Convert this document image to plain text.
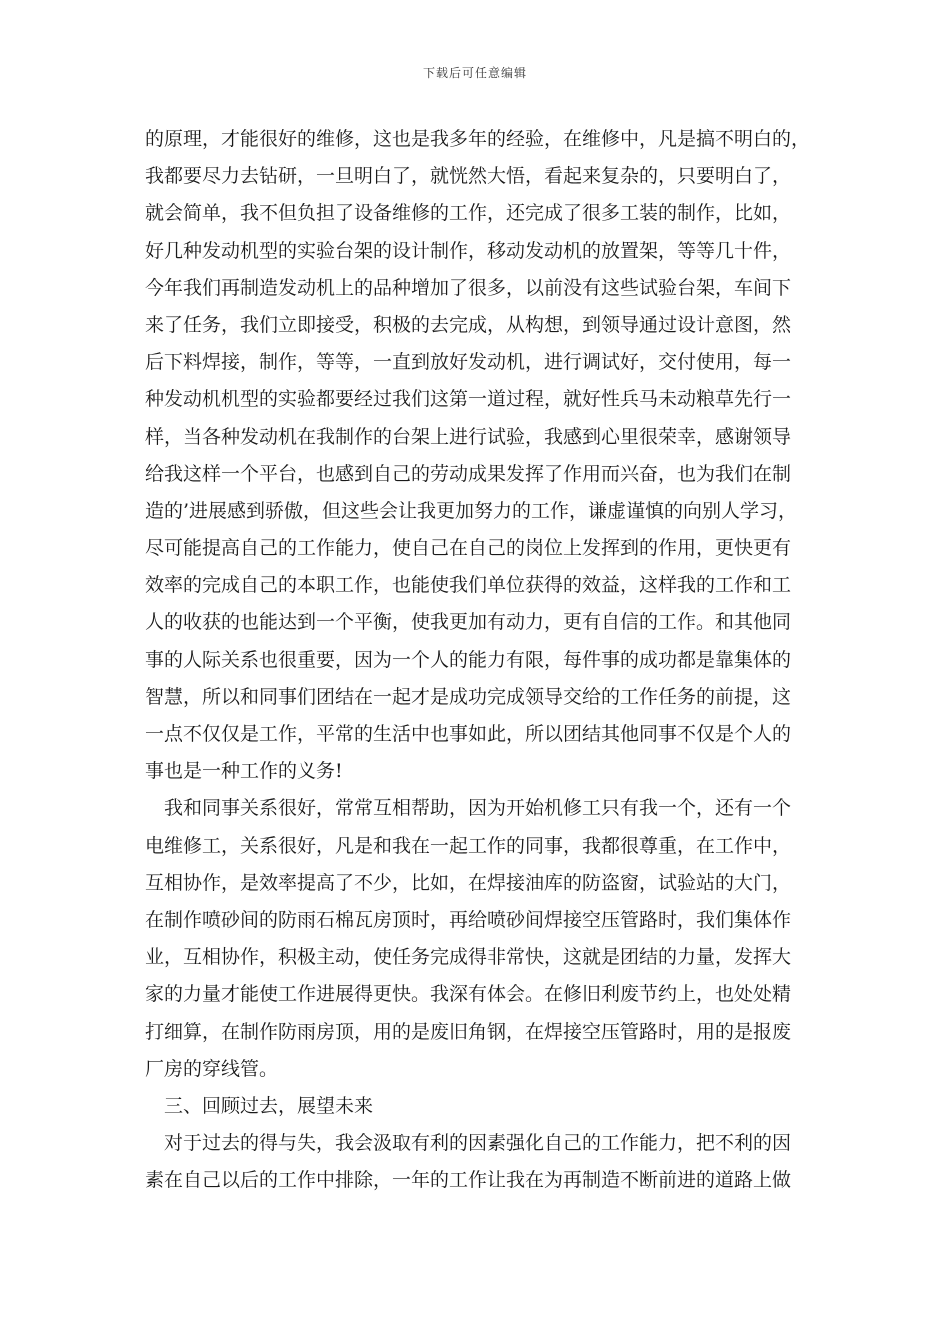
下载后可任意编辑
的原理，才能很好的维修，这也是我多年的经验，在维修中，凡是搞不明白的，
我都要尽力去钻研，一旦明白了，就恍然大悟，看起来复杂的，只要明白了，
就会简单，我不但负担了设备维修的工作，还完成了很多工装的制作，比如，
好几种发动机型的实验台架的设计制作，移动发动机的放置架，等等几十件，
今年我们再制造发动机上的品种增加了很多，以前没有这些试验台架，车间下
来了任务，我们立即接受，积极的去完成，从构想，到领导通过设计意图，然
后下料焊接，制作，等等，一直到放好发动机，进行调试好，交付使用，每一
种发动机机型的实验都要经过我们这第一道过程，就好性兵马未动粮草先行一
样，当各种发动机在我制作的台架上进行试验，我感到心里很荣幸，感谢领导
给我这样一个平台，也感到自己的劳动成果发挥了作用而兴奋，也为我们在制
造的’进展感到骄傲，但这些会让我更加努力的工作，谦虚谨慎的向别人学习，
尽可能提高自己的工作能力，使自己在自己的岗位上发挥到的作用，更快更有
效率的完成自己的本职工作，也能使我们单位获得的效益，这样我的工作和工
人的收获的也能达到一个平衡，使我更加有动力，更有自信的工作。和其他同
事的人际关系也很重要，因为一个人的能力有限，每件事的成功都是靠集体的
智慧，所以和同事们团结在一起才是成功完成领导交给的工作任务的前提，这
一点不仅仅是工作，平常的生活中也事如此，所以团结其他同事不仅是个人的
事也是一种工作的义务!
　我和同事关系很好，常常互相帮助，因为开始机修工只有我一个，还有一个
电维修工，关系很好，凡是和我在一起工作的同事，我都很尊重，在工作中，
互相协作，是效率提高了不少，比如，在焊接油库的防盗窗，试验站的大门，
在制作喷砂间的防雨石棉瓦房顶时，再给喷砂间焊接空压管路时，我们集体作
业，互相协作，积极主动，使任务完成得非常快，这就是团结的力量，发挥大
家的力量才能使工作进展得更快。我深有体会。在修旧利废节约上，也处处精
打细算，在制作防雨房顶，用的是废旧角钢，在焊接空压管路时，用的是报废
厂房的穿线管。
　三、回顾过去，展望未来
　对于过去的得与失，我会汲取有利的因素强化自己的工作能力，把不利的因
素在自己以后的工作中排除，一年的工作让我在为再制造不断前进的道路上做
